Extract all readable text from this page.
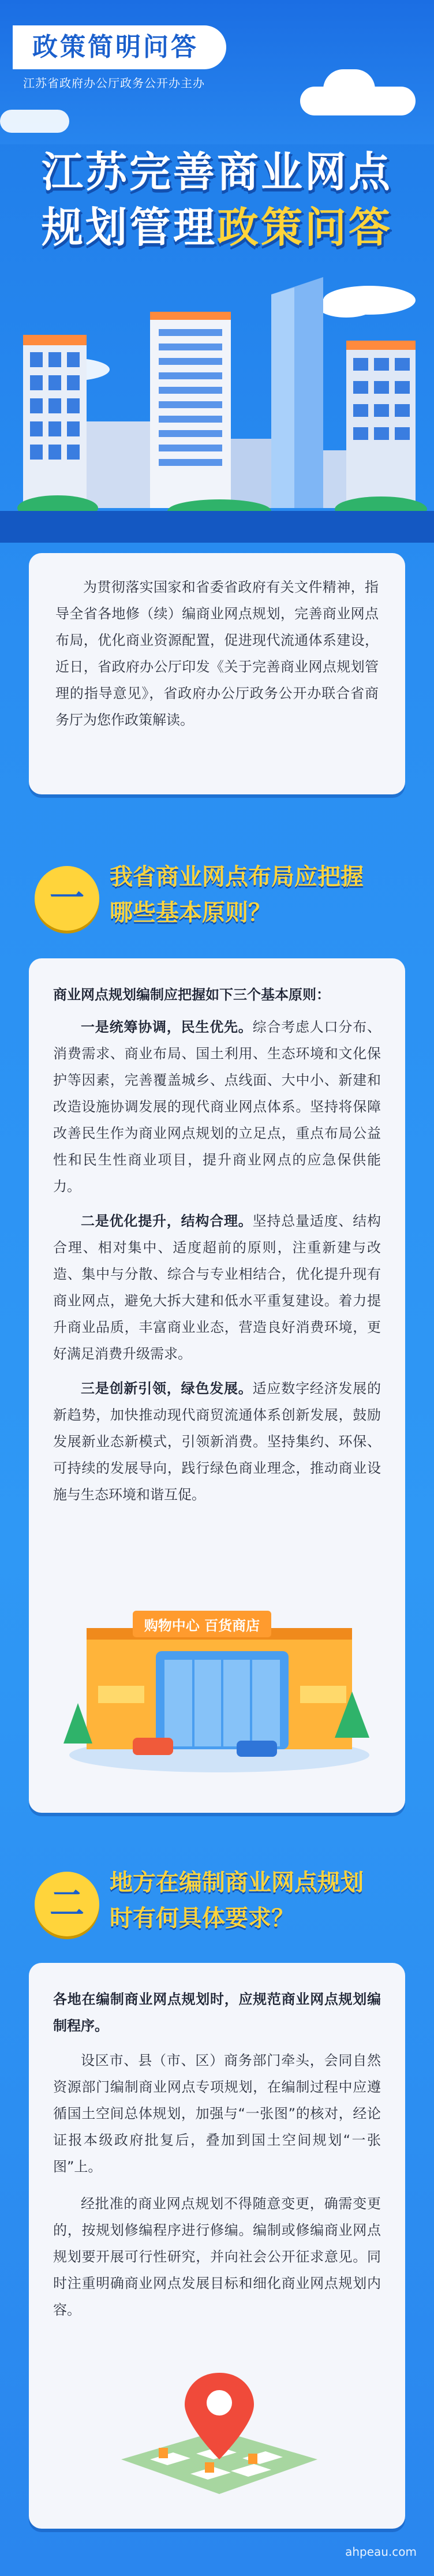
政策简明问答
江苏省政府办公厅政务公开办主办
江苏完善商业网点
规划管理政策问答

为贯彻落实国家和省委省政府有关文件精神，指导全省各地修（续）编商业网点规划，完善商业网点布局，优化商业资源配置，促进现代流通体系建设，近日，省政府办公厅印发《关于完善商业网点规划管理的指导意见》，省政府办公厅政务公开办联合省商务厅为您作政策解读。

一
我省商业网点布局应把握
哪些基本原则？

商业网点规划编制应把握如下三个基本原则：

一是统筹协调，民生优先。综合考虑人口分布、消费需求、商业布局、国土利用、生态环境和文化保护等因素，完善覆盖城乡、点线面、大中小、新建和改造设施协调发展的现代商业网点体系。坚持将保障改善民生作为商业网点规划的立足点，重点布局公益性和民生性商业项目，提升商业网点的应急保供能力。

二是优化提升，结构合理。坚持总量适度、结构合理、相对集中、适度超前的原则，注重新建与改造、集中与分散、综合与专业相结合，优化提升现有商业网点，避免大拆大建和低水平重复建设。着力提升商业品质，丰富商业业态，营造良好消费环境，更好满足消费升级需求。

三是创新引领，绿色发展。适应数字经济发展的新趋势，加快推动现代商贸流通体系创新发展，鼓励发展新业态新模式，引领新消费。坚持集约、环保、可持续的发展导向，践行绿色商业理念，推动商业设施与生态环境和谐互促。

购物中心 百货商店
二
地方在编制商业网点规划
时有何具体要求？

各地在编制商业网点规划时，应规范商业网点规划编制程序。

设区市、县（市、区）商务部门牵头，会同自然资源部门编制商业网点专项规划，在编制过程中应遵循国土空间总体规划，加强与“一张图”的核对，经论证报本级政府批复后，叠加到国土空间规划“一张图”上。

经批准的商业网点规划不得随意变更，确需变更的，按规划修编程序进行修编。编制或修编商业网点规划要开展可行性研究，并向社会公开征求意见。同时注重明确商业网点发展目标和细化商业网点规划内容。

ahpeau.com
